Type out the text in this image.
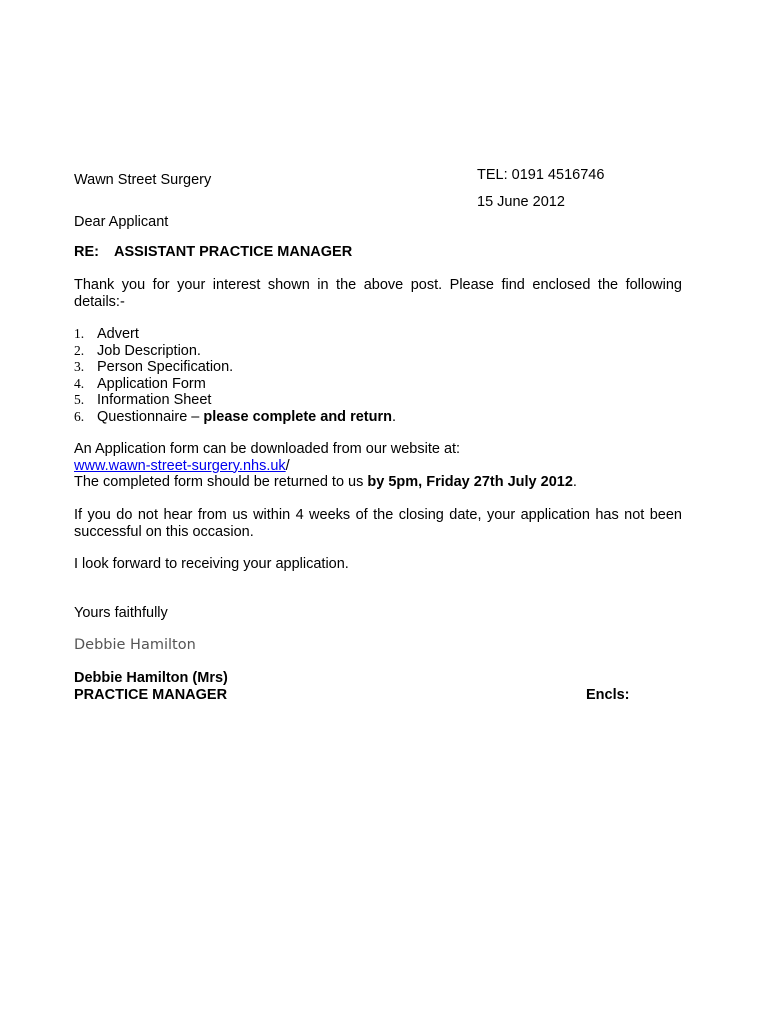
Wawn Street Surgery	TEL: 0191 4516746
15 June 2012
Dear Applicant
RE: ASSISTANT PRACTICE MANAGER
Thank you for your interest shown in the above post. Please find enclosed the following details:-
1. Advert
2. Job Description.
3. Person Specification.
4. Application Form
5. Information Sheet
6. Questionnaire – please complete and return.
An Application form can be downloaded from our website at:
www.wawn-street-surgery.nhs.uk/
The completed form should be returned to us by 5pm, Friday 27th July 2012.
If you do not hear from us within 4 weeks of the closing date, your application has not been successful on this occasion.
I look forward to receiving your application.
Yours faithfully
Debbie Hamilton
Debbie Hamilton (Mrs)
PRACTICE MANAGER	Encls:
